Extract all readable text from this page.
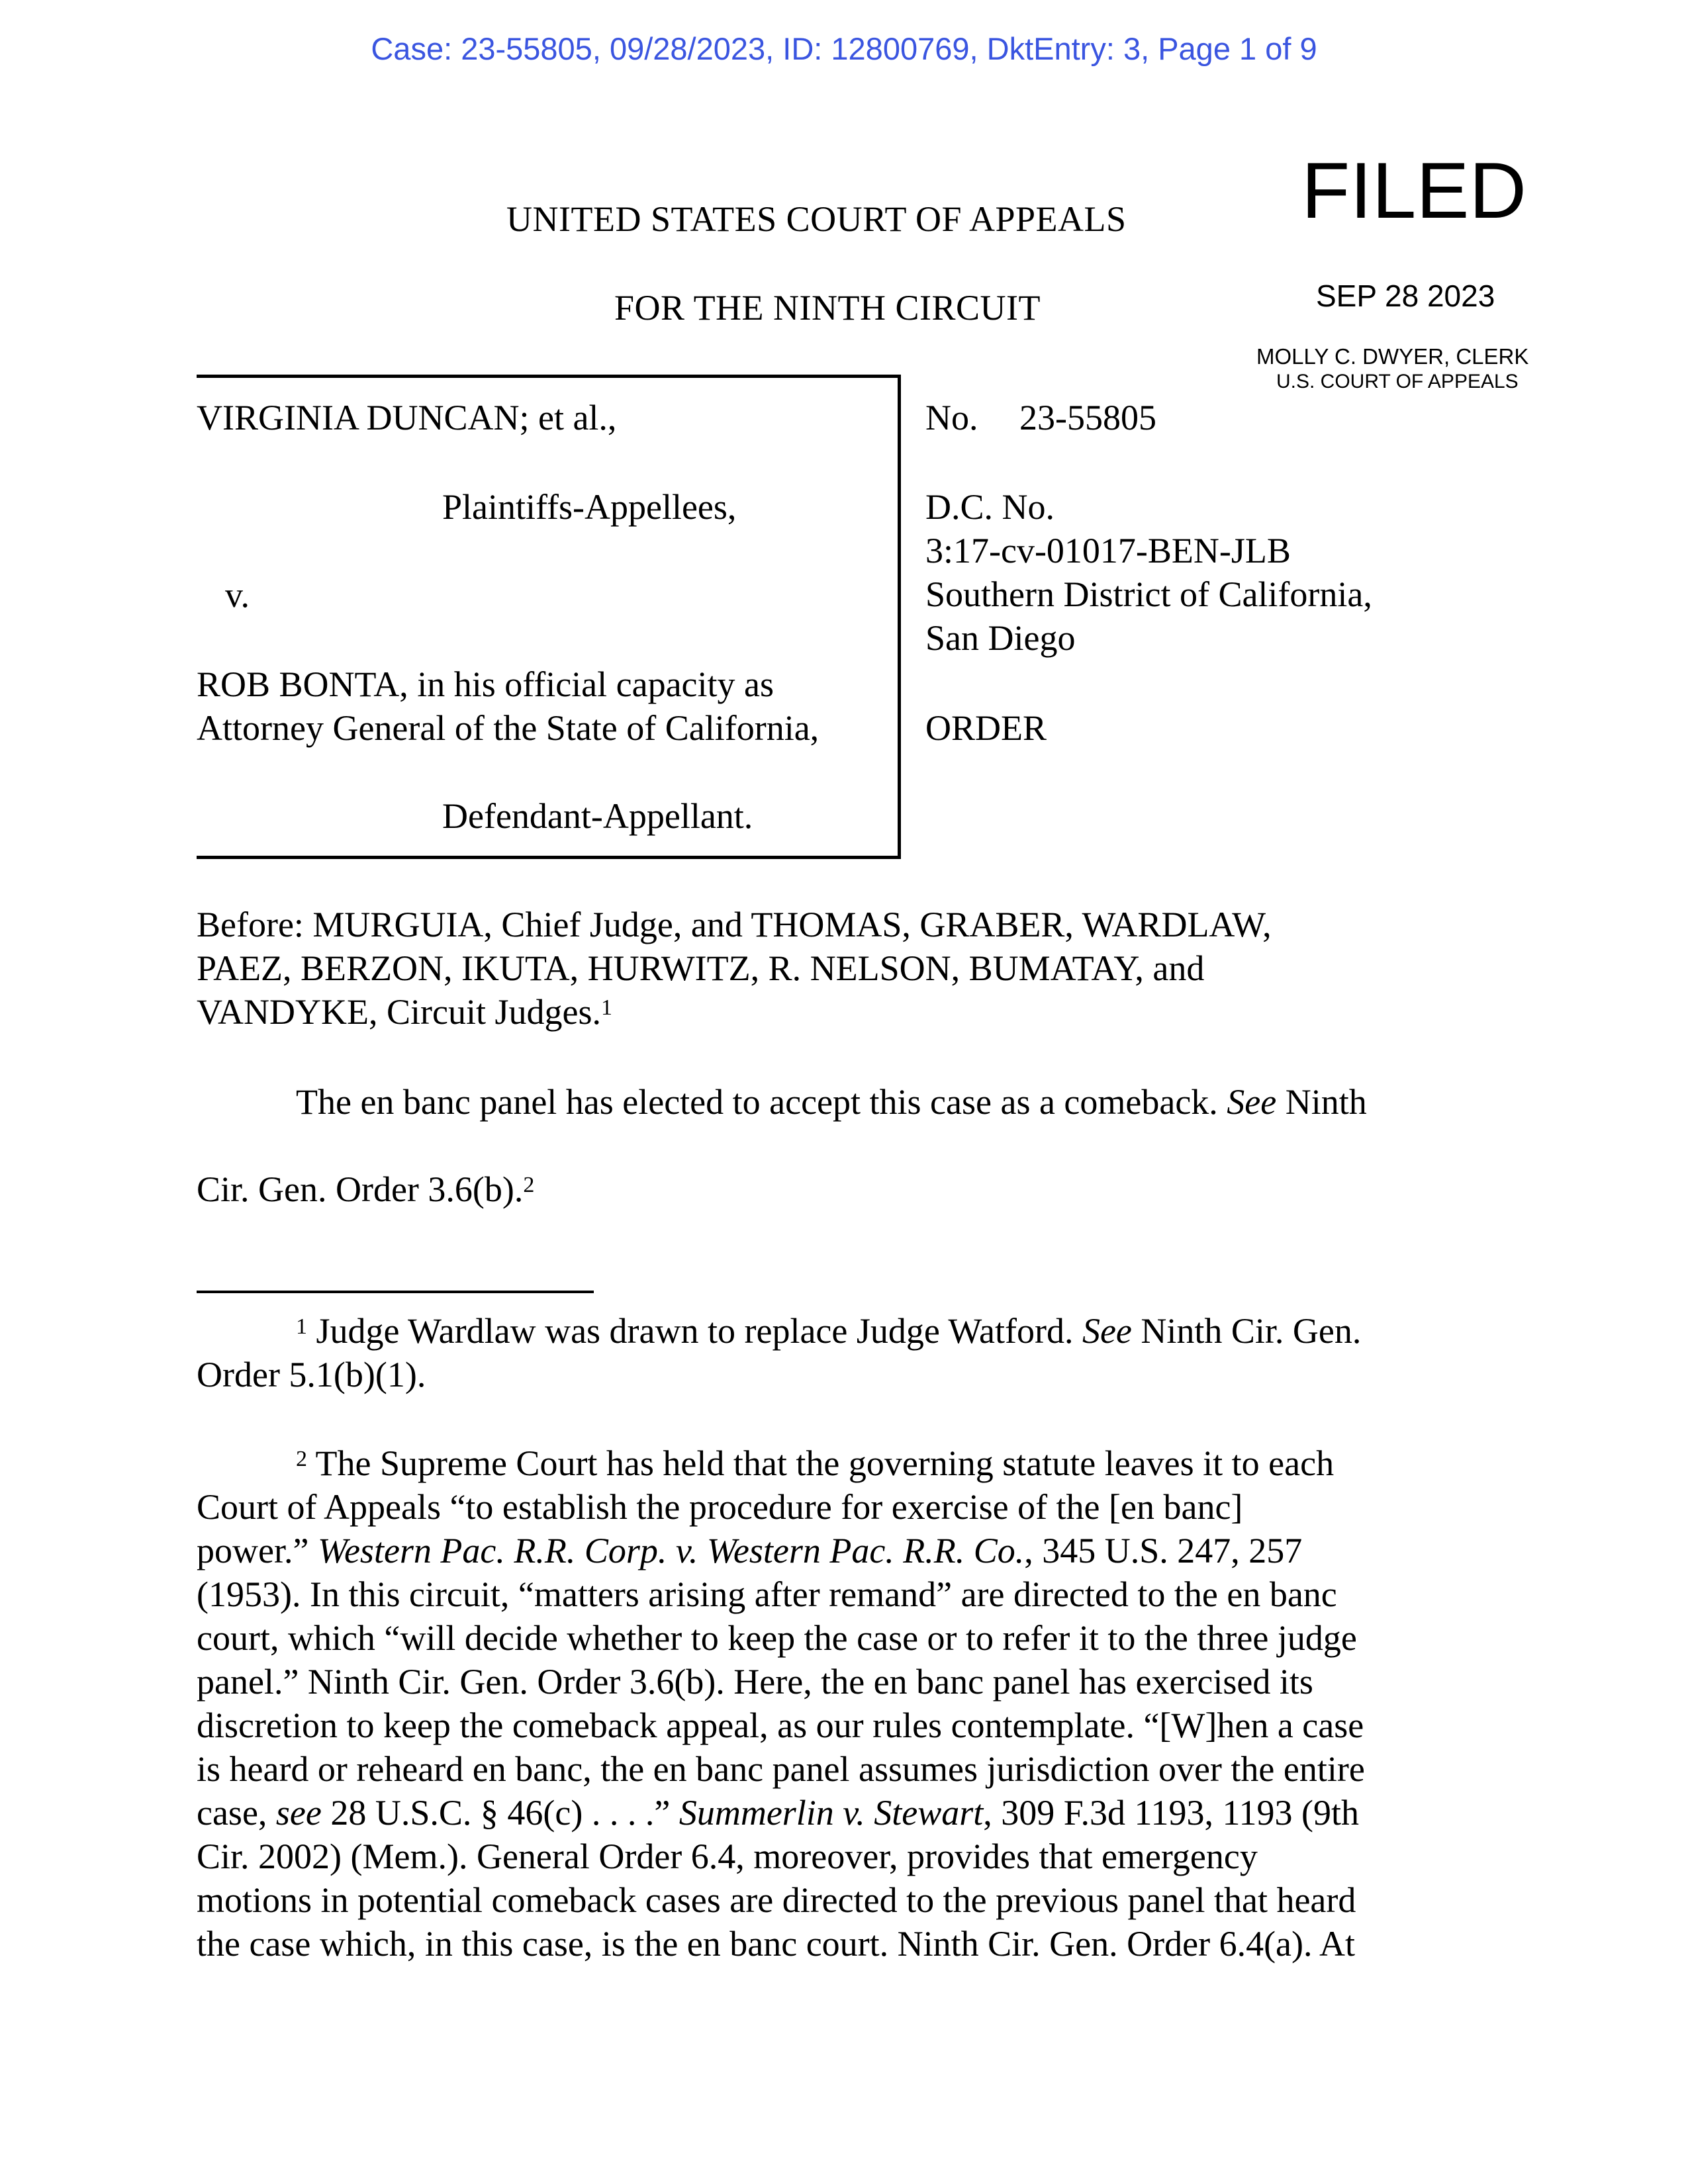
Case: 23-55805, 09/28/2023, ID: 12800769, DktEntry: 3, Page 1 of 9
UNITED STATES COURT OF APPEALS
FOR THE NINTH CIRCUIT
FILED
SEP 28 2023
MOLLY C. DWYER, CLERK
U.S. COURT OF APPEALS
VIRGINIA DUNCAN; et al.,
Plaintiffs-Appellees,
v.
ROB BONTA, in his official capacity as
Attorney General of the State of California,
Defendant-Appellant.
No. 23-55805
D.C. No.
3:17-cv-01017-BEN-JLB
Southern District of California,
San Diego
ORDER
Before: MURGUIA, Chief Judge, and THOMAS, GRABER, WARDLAW,
PAEZ, BERZON, IKUTA, HURWITZ, R. NELSON, BUMATAY, and
VANDYKE, Circuit Judges.$^1$
The en banc panel has elected to accept this case as a comeback. See Ninth
Cir. Gen. Order 3.6(b).$^2$
$^1$ Judge Wardlaw was drawn to replace Judge Watford. See Ninth Cir. Gen.
Order 5.1(b)(1).
$^2$ The Supreme Court has held that the governing statute leaves it to each
Court of Appeals “to establish the procedure for exercise of the [en banc]
power.” Western Pac. R.R. Corp. v. Western Pac. R.R. Co., 345 U.S. 247, 257
(1953). In this circuit, “matters arising after remand” are directed to the en banc
court, which “will decide whether to keep the case or to refer it to the three judge
panel.” Ninth Cir. Gen. Order 3.6(b). Here, the en banc panel has exercised its
discretion to keep the comeback appeal, as our rules contemplate. “[W]hen a case
is heard or reheard en banc, the en banc panel assumes jurisdiction over the entire
case, see 28 U.S.C. § 46(c) . . . .” Summerlin v. Stewart, 309 F.3d 1193, 1193 (9th
Cir. 2002) (Mem.). General Order 6.4, moreover, provides that emergency
motions in potential comeback cases are directed to the previous panel that heard
the case which, in this case, is the en banc court. Ninth Cir. Gen. Order 6.4(a). At
